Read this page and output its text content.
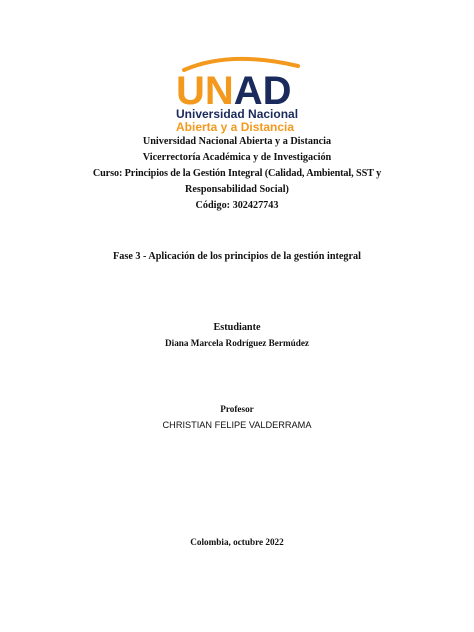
UNAD
Universidad Nacional
Abierta y a Distancia
Universidad Nacional Abierta y a Distancia
Vicerrectoría Académica y de Investigación
Curso: Principios de la Gestión Integral (Calidad, Ambiental, SST y
Responsabilidad Social)
Código: 302427743
Fase 3 - Aplicación de los principios de la gestión integral
Estudiante
Diana Marcela Rodríguez Bermúdez
Profesor
CHRISTIAN FELIPE VALDERRAMA
Colombia, octubre 2022
